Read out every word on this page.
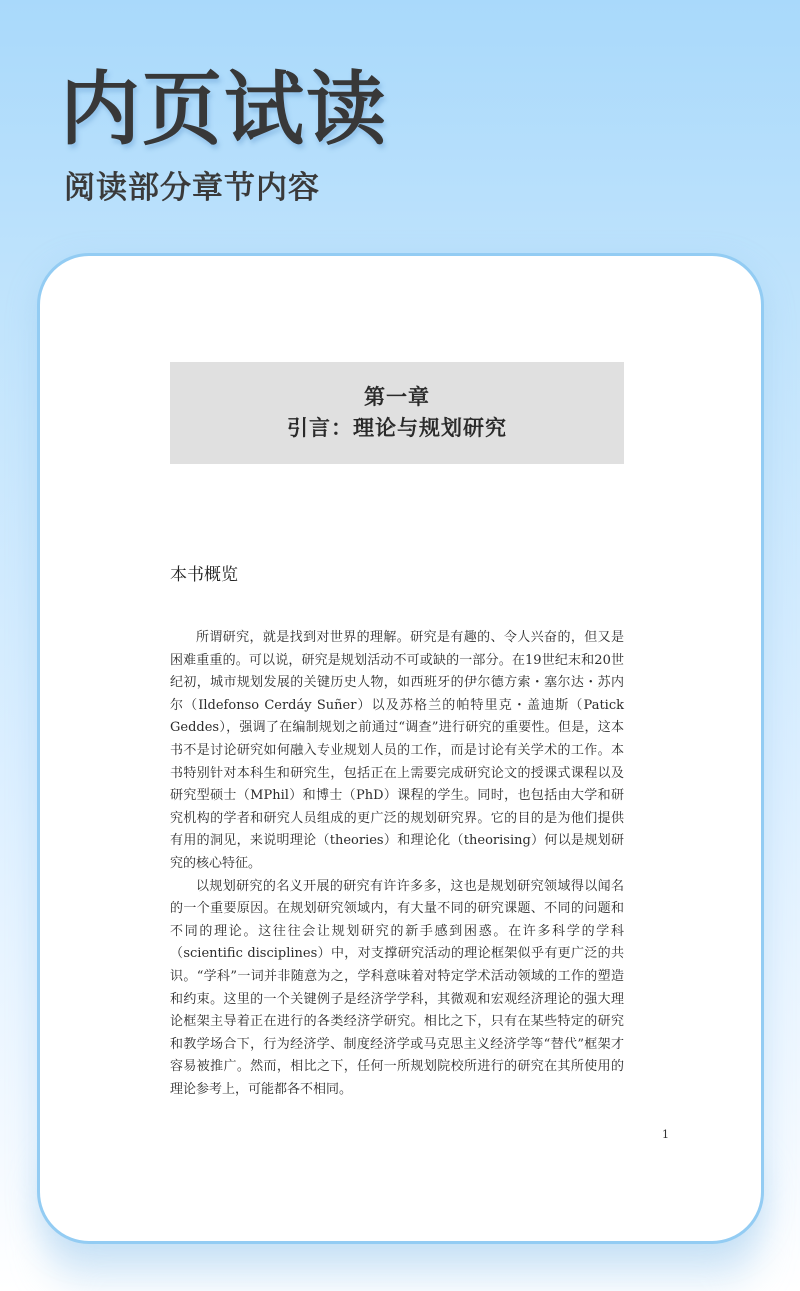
内页试读
阅读部分章节内容
第一章
引言：理论与规划研究
本书概览

所谓研究，就是找到对世界的理解。研究是有趣的、令人兴奋的，但又是困难重重的。可以说，研究是规划活动不可或缺的一部分。在19世纪末和20世纪初，城市规划发展的关键历史人物，如西班牙的伊尔德方索・塞尔达・苏内尔（Ildefonso Cerdáy Suñer）以及苏格兰的帕特里克・盖迪斯（Patick Geddes），强调了在编制规划之前通过“调查”进行研究的重要性。但是，这本书不是讨论研究如何融入专业规划人员的工作，而是讨论有关学术的工作。本书特别针对本科生和研究生，包括正在上需要完成研究论文的授课式课程以及研究型硕士（MPhil）和博士（PhD）课程的学生。同时，也包括由大学和研究机构的学者和研究人员组成的更广泛的规划研究界。它的目的是为他们提供有用的洞见，来说明理论（theories）和理论化（theorising）何以是规划研究的核心特征。

以规划研究的名义开展的研究有许许多多，这也是规划研究领域得以闻名的一个重要原因。在规划研究领域内，有大量不同的研究课题、不同的问题和不同的理论。这往往会让规划研究的新手感到困惑。在许多科学的学科（scientific disciplines）中，对支撑研究活动的理论框架似乎有更广泛的共识。“学科”一词并非随意为之，学科意味着对特定学术活动领域的工作的塑造和约束。这里的一个关键例子是经济学学科，其微观和宏观经济理论的强大理论框架主导着正在进行的各类经济学研究。相比之下，只有在某些特定的研究和教学场合下，行为经济学、制度经济学或马克思主义经济学等“替代”框架才容易被推广。然而，相比之下，任何一所规划院校所进行的研究在其所使用的理论参考上，可能都各不相同。

1
